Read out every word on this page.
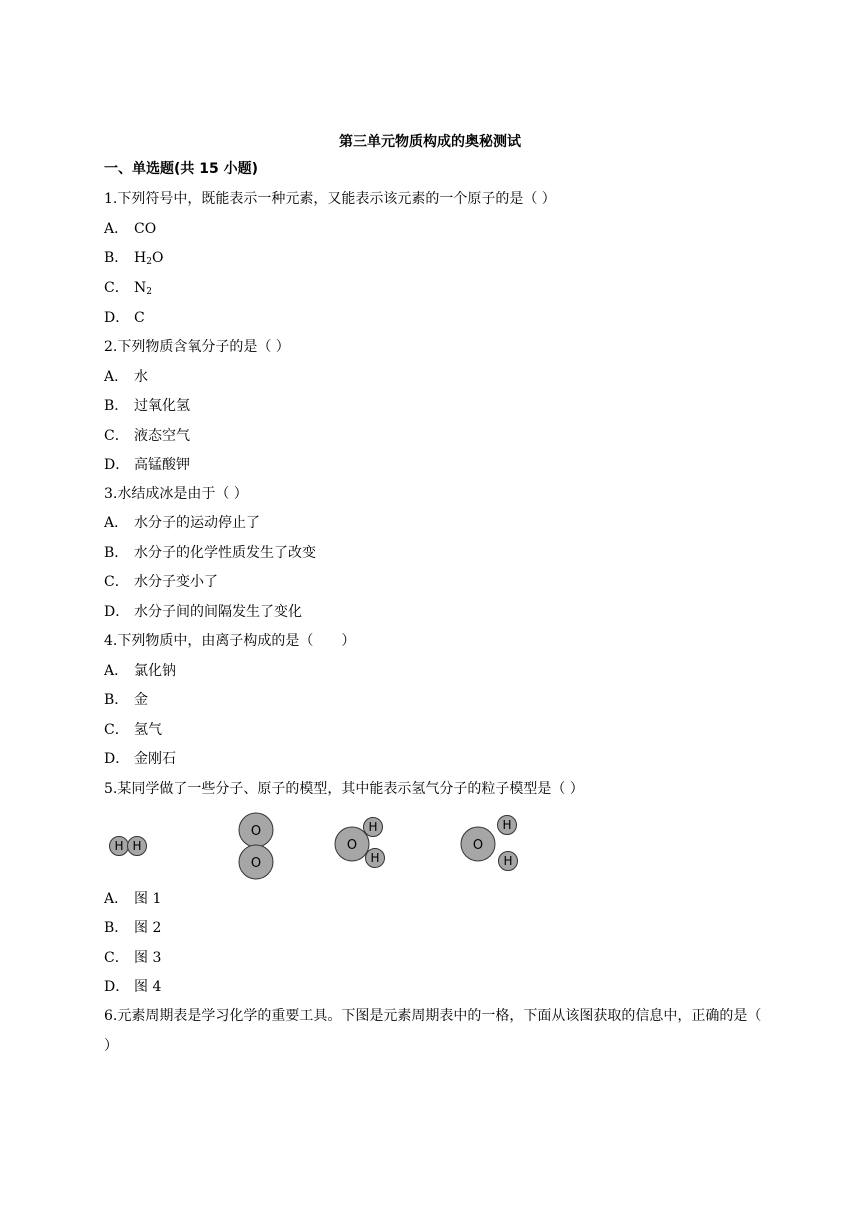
第三单元物质构成的奥秘测试
一、单选题(共 15 小题)
1.下列符号中，既能表示一种元素，又能表示该元素的一个原子的是（ ）
A． CO
B． $H_2O$
C． $N_2$
D． C
2.下列物质含氧分子的是（ ）
A． 水
B． 过氧化氢
C． 液态空气
D． 高锰酸钾
3.水结成冰是由于（ ）
A． 水分子的运动停止了
B． 水分子的化学性质发生了改变
C． 水分子变小了
D． 水分子间的间隔发生了变化
4.下列物质中，由离子构成的是（　　）
A． 氯化钠
B． 金
C． 氢气
D． 金刚石
5.某同学做了一些分子、原子的模型，其中能表示氢气分子的粒子模型是（ ）
H H
O
O
O
H
H
O
H
H
A． 图 1
B． 图 2
C． 图 3
D． 图 4
6.元素周期表是学习化学的重要工具。下图是元素周期表中的一格，下面从该图获取的信息中，正确的是（ ）
